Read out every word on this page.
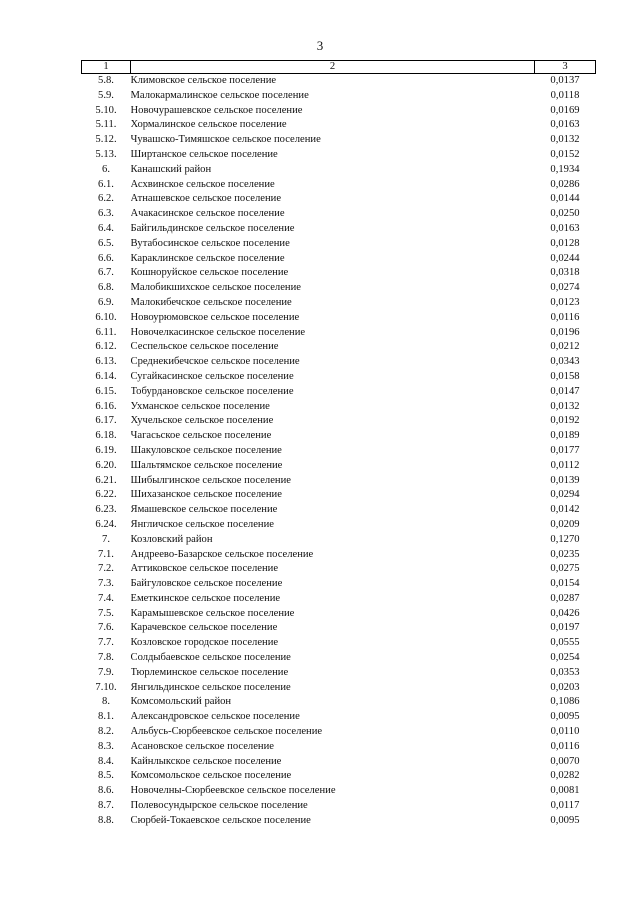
3
1	2	3
5.8.	Климовское сельское поселение	0,0137
5.9.	Малокармалинское сельское поселение	0,0118
5.10.	Новочурашевское сельское поселение	0,0169
5.11.	Хормалинское сельское поселение	0,0163
5.12.	Чувашско-Тимяшское сельское поселение	0,0132
5.13.	Ширтанское сельское поселение	0,0152
6.	Канашский район	0,1934
6.1.	Асхвинское сельское поселение	0,0286
6.2.	Атнашевское сельское поселение	0,0144
6.3.	Ачакасинское сельское поселение	0,0250
6.4.	Байгильдинское сельское поселение	0,0163
6.5.	Вутабосинское сельское поселение	0,0128
6.6.	Караклинское сельское поселение	0,0244
6.7.	Кошноруйское сельское поселение	0,0318
6.8.	Малобикшихское сельское поселение	0,0274
6.9.	Малокибечское сельское поселение	0,0123
6.10.	Новоурюмовское сельское поселение	0,0116
6.11.	Новочелкасинское сельское поселение	0,0196
6.12.	Сеспельское сельское поселение	0,0212
6.13.	Среднекибечское сельское поселение	0,0343
6.14.	Сугайкасинское сельское поселение	0,0158
6.15.	Тобурдановское сельское поселение	0,0147
6.16.	Ухманское сельское поселение	0,0132
6.17.	Хучельское сельское поселение	0,0192
6.18.	Чагасьское сельское поселение	0,0189
6.19.	Шакуловское сельское поселение	0,0177
6.20.	Шальтямское сельское поселение	0,0112
6.21.	Шибылгинское сельское поселение	0,0139
6.22.	Шихазанское сельское поселение	0,0294
6.23.	Ямашевское сельское поселение	0,0142
6.24.	Янгличское сельское поселение	0,0209
7.	Козловский район	0,1270
7.1.	Андреево-Базарское сельское поселение	0,0235
7.2.	Аттиковское сельское поселение	0,0275
7.3.	Байгуловское сельское поселение	0,0154
7.4.	Еметкинское сельское поселение	0,0287
7.5.	Карамышевское сельское поселение	0,0426
7.6.	Карачевское сельское поселение	0,0197
7.7.	Козловское городское поселение	0,0555
7.8.	Солдыбаевское сельское поселение	0,0254
7.9.	Тюрлеминское сельское поселение	0,0353
7.10.	Янгильдинское сельское поселение	0,0203
8.	Комсомольский район	0,1086
8.1.	Александровское сельское поселение	0,0095
8.2.	Альбусь-Сюрбеевское сельское поселение	0,0110
8.3.	Асановское сельское поселение	0,0116
8.4.	Кайнлыкское сельское поселение	0,0070
8.5.	Комсомольское сельское поселение	0,0282
8.6.	Новочелны-Сюрбеевское сельское поселение	0,0081
8.7.	Полевосундырское сельское поселение	0,0117
8.8.	Сюрбей-Токаевское сельское поселение	0,0095
